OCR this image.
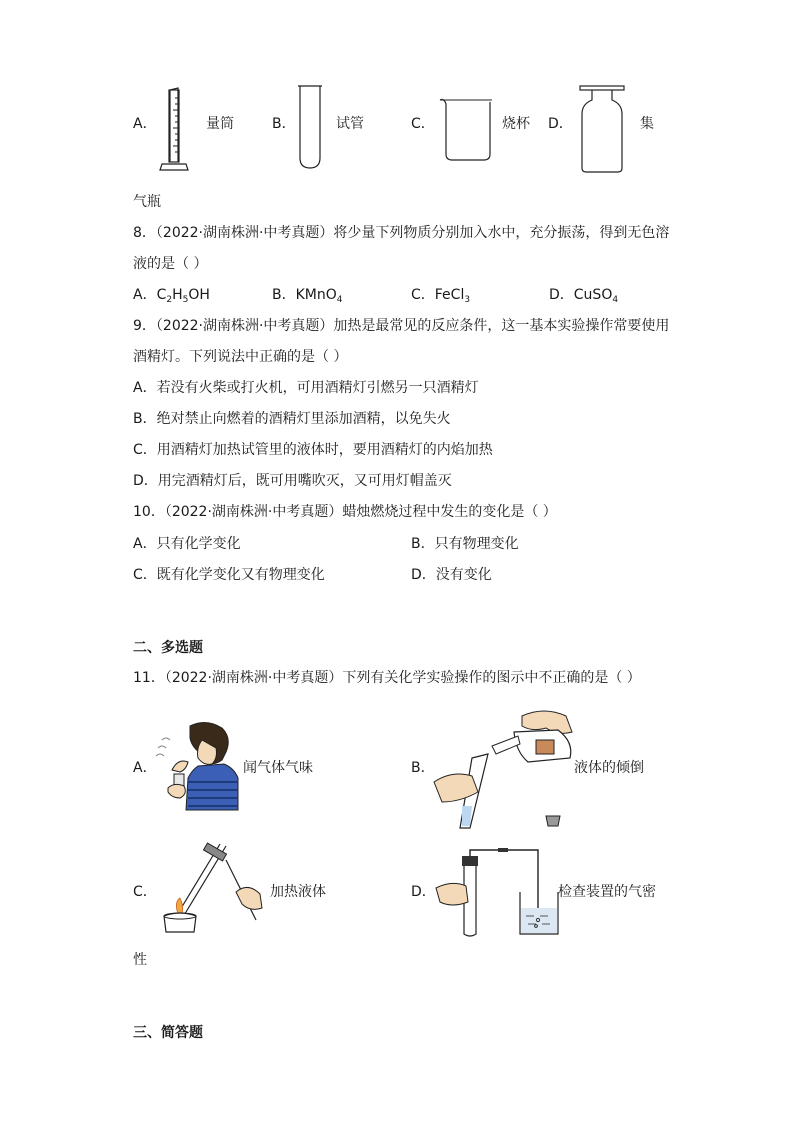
A．	量筒	B．	试管	C．	烧杯 D．	集
气瓶
8．（2022·湖南株洲·中考真题）将少量下列物质分别加入水中，充分振荡，得到无色溶
液的是（ ）
A．$C_2H_5OH$	B．KMnO$_4$	C．FeCl$_3$	D．CuSO$_4$
9．（2022·湖南株洲·中考真题）加热是最常见的反应条件，这一基本实验操作常要使用
酒精灯。下列说法中正确的是（ ）
A．若没有火柴或打火机，可用酒精灯引燃另一只酒精灯
B．绝对禁止向燃着的酒精灯里添加酒精，以免失火
C．用酒精灯加热试管里的液体时，要用酒精灯的内焰加热
D．用完酒精灯后，既可用嘴吹灭，又可用灯帽盖灭
10．（2022·湖南株洲·中考真题）蜡烛燃烧过程中发生的变化是（ ）
A．只有化学变化	B．只有物理变化
C．既有化学变化又有物理变化	D．没有变化
二、多选题
11．（2022·湖南株洲·中考真题）下列有关化学实验操作的图示中不正确的是（ ）
A．	闻气体气味	B．	液体的倾倒
C．	加热液体	D．	检查装置的气密
性
三、简答题
